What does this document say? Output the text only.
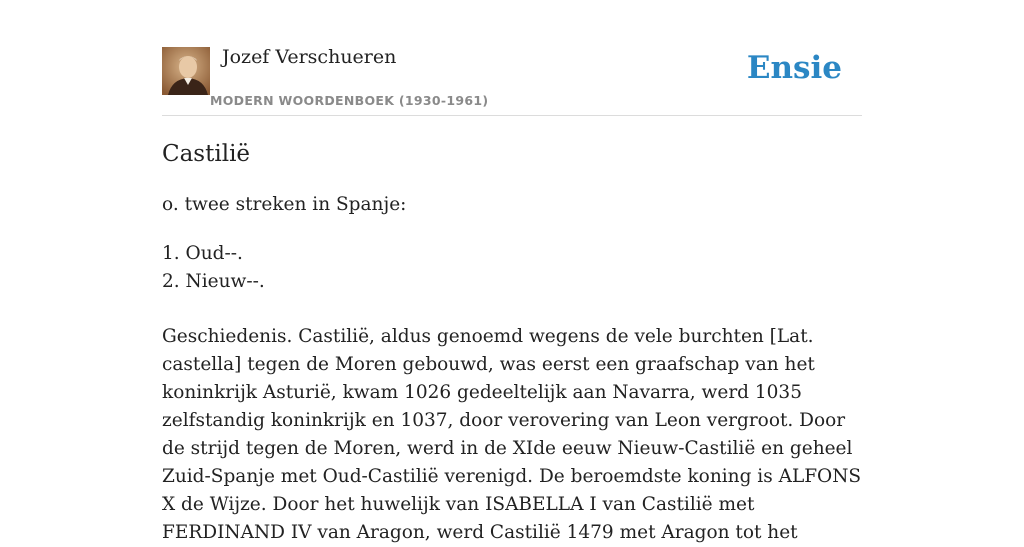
Jozef Verschueren
MODERN WOORDENBOEK (1930-1961)
Ensie
Castilië
o. twee streken in Spanje:
1. Oud--.
2. Nieuw--.

Geschiedenis. Castilië, aldus genoemd wegens de vele burchten [Lat. castella] tegen de Moren gebouwd, was eerst een graafschap van het koninkrijk Asturië, kwam 1026 gedeeltelijk aan Navarra, werd 1035 zelfstandig koninkrijk en 1037, door verovering van Leon vergroot. Door de strijd tegen de Moren, werd in de XIde eeuw Nieuw-Castilië en geheel Zuid-Spanje met Oud-Castilië verenigd. De beroemdste koning is ALFONS X de Wijze. Door het huwelijk van ISABELLA I van Castilië met FERDINAND IV van Aragon, werd Castilië 1479 met Aragon tot het
